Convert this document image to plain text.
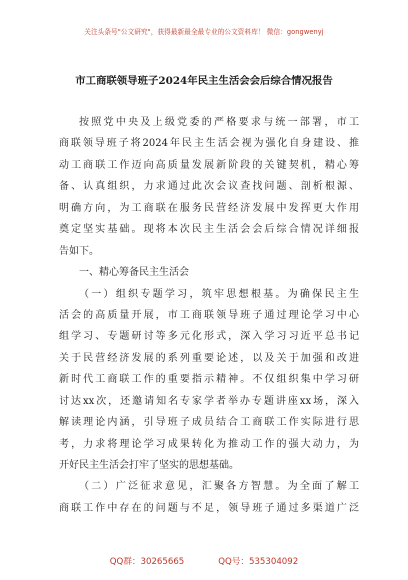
关注头条号"公文研究"，获得最新最全最专业的公文资料库！ 微信：gongwenyj
市工商联领导班子2024年民主生活会会后综合情况报告
按照党中央及上级党委的严格要求与统一部署，市工
商联领导班子将2024年民主生活会视为强化自身建设、推
动工商联工作迈向高质量发展新阶段的关键契机，精心筹
备、认真组织，力求通过此次会议查找问题、剖析根源、
明确方向，为工商联在服务民营经济发展中发挥更大作用
奠定坚实基础。现将本次民主生活会会后综合情况详细报
告如下。
一、精心筹备民主生活会
（一）组织专题学习，筑牢思想根基。为确保民主生
活会的高质量开展，市工商联领导班子通过理论学习中心
组学习、专题研讨等多元化形式，深入学习习近平总书记
关于民营经济发展的系列重要论述，以及关于加强和改进
新时代工商联工作的重要指示精神。不仅组织集中学习研
讨达xx次，还邀请知名专家学者举办专题讲座xx场，深入
解读理论内涵，引导班子成员结合工商联工作实际进行思
考，力求将理论学习成果转化为推动工作的强大动力，为
开好民主生活会打牢了坚实的思想基础。
（二）广泛征求意见，汇聚各方智慧。为全面了解工
商联工作中存在的问题与不足，领导班子通过多渠道广泛
QQ群：30265665	QQ号：535304092
